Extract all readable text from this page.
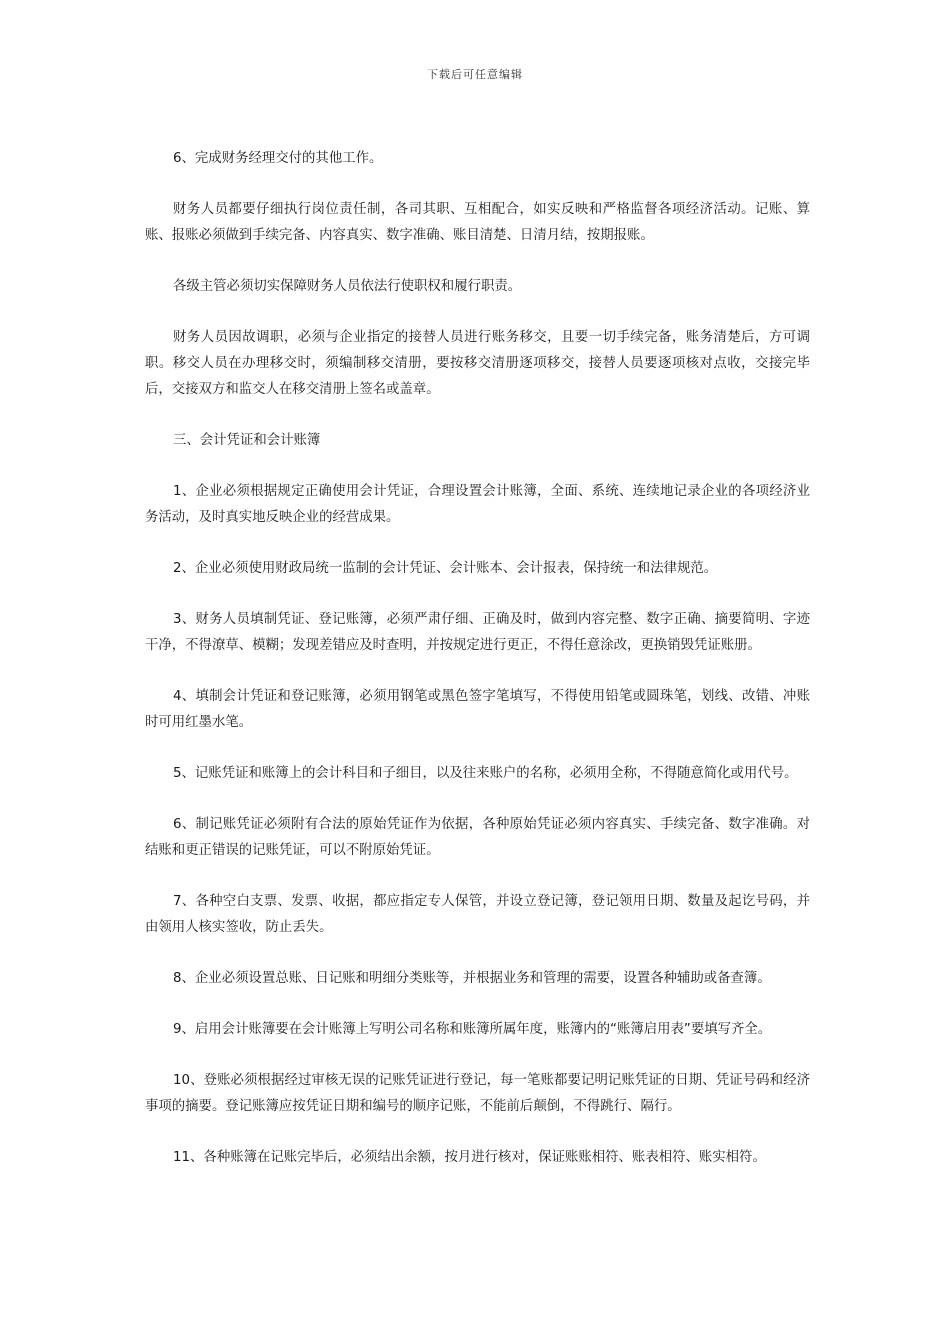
下载后可任意编辑

6、完成财务经理交付的其他工作。

财务人员都要仔细执行岗位责任制，各司其职、互相配合，如实反映和严格监督各项经济活动。记账、算账、报账必须做到手续完备、内容真实、数字准确、账目清楚、日清月结，按期报账。

各级主管必须切实保障财务人员依法行使职权和履行职责。

财务人员因故调职，必须与企业指定的接替人员进行账务移交，且要一切手续完备，账务清楚后，方可调职。移交人员在办理移交时，须编制移交清册，要按移交清册逐项移交，接替人员要逐项核对点收，交接完毕后，交接双方和监交人在移交清册上签名或盖章。

三、会计凭证和会计账簿

1、企业必须根据规定正确使用会计凭证，合理设置会计账簿，全面、系统、连续地记录企业的各项经济业务活动，及时真实地反映企业的经营成果。

2、企业必须使用财政局统一监制的会计凭证、会计账本、会计报表，保持统一和法律规范。

3、财务人员填制凭证、登记账簿，必须严肃仔细、正确及时，做到内容完整、数字正确、摘要简明、字迹干净，不得潦草、模糊；发现差错应及时查明，并按规定进行更正，不得任意涂改，更换销毁凭证账册。

4、填制会计凭证和登记账簿，必须用钢笔或黑色签字笔填写，不得使用铅笔或圆珠笔，划线、改错、冲账时可用红墨水笔。

5、记账凭证和账簿上的会计科目和子细目，以及往来账户的名称，必须用全称，不得随意简化或用代号。

6、制记账凭证必须附有合法的原始凭证作为依据，各种原始凭证必须内容真实、手续完备、数字准确。对结账和更正错误的记账凭证，可以不附原始凭证。

7、各种空白支票、发票、收据，都应指定专人保管，并设立登记簿，登记领用日期、数量及起讫号码，并由领用人核实签收，防止丢失。

8、企业必须设置总账、日记账和明细分类账等，并根据业务和管理的需要，设置各种辅助或备查簿。

9、启用会计账簿要在会计账簿上写明公司名称和账簿所属年度，账簿内的“账簿启用表”要填写齐全。

10、登账必须根据经过审核无误的记账凭证进行登记，每一笔账都要记明记账凭证的日期、凭证号码和经济事项的摘要。登记账簿应按凭证日期和编号的顺序记账，不能前后颠倒，不得跳行、隔行。

11、各种账簿在记账完毕后，必须结出余额，按月进行核对，保证账账相符、账表相符、账实相符。
